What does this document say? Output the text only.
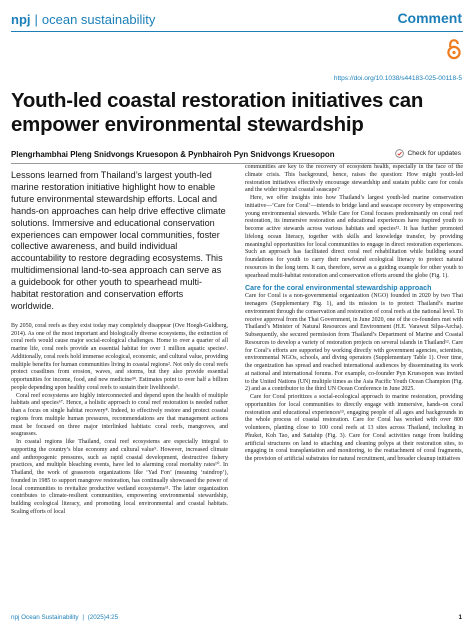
npj | ocean sustainability	Comment
https://doi.org/10.1038/s44183-025-00118-5
Youth-led coastal restoration initiatives can empower environmental stewardship
Plengrhambhai Pleng Snidvongs Kruesopon & Pynbhairoh Pyn Snidvongs Kruesopon	Check for updates

Lessons learned from Thailand’s largest youth-led marine restoration initiative highlight how to enable future environmental stewardship efforts. Local and hands-on approaches can help drive effective climate solutions. Immersive and educational conservation experiences can empower local communities, foster collective awareness, and build individual accountability to restore degrading ecosystems. This multidimensional land-to-sea approach can serve as a guidebook for other youth to spearhead multi-habitat restoration and conservation efforts worldwide.

By 2050, coral reefs as they exist today may completely disappear (Ove Hoegh-Guldberg, 2014). As one of the most important and biologically diverse ecosystems, the extinction of coral reefs would cause major social-ecological challenges. Home to over a quarter of all marine life, coral reefs provide an essential habitat for over 1 million aquatic species¹. Additionally, coral reefs hold immense ecological, economic, and cultural value, providing multiple benefits for human communities living in coastal regions². Not only do coral reefs protect coastlines from erosion, waves, and storms, but they also provide essential opportunities for income, food, and new medicine³⁴. Estimates point to over half a billion people depending upon healthy coral reefs to sustain their livelihoods⁵.

Coral reef ecosystems are highly interconnected and depend upon the health of multiple habitats and species⁶⁷. Hence, a holistic approach to coral reef restoration is needed rather than a focus on single habitat recovery⁸. Indeed, to effectively restore and protect coastal regions from multiple human pressures, recommendations are that management actions must be focused on three major interlinked habitats: coral reefs, mangroves, and seagrasses.

In coastal regions like Thailand, coral reef ecosystems are especially integral to supporting the country’s blue economy and cultural value⁹. However, increased climate and anthropogenic pressures, such as rapid coastal development, destructive fishery practices, and multiple bleaching events, have led to alarming coral mortality rates¹⁰. In Thailand, the work of grassroots organizations like ‘Yad Fon’ (meaning ‘raindrop’), founded in 1985 to support mangrove restoration, has continually showcased the power of local communities to revitalize productive wetland ecosystems¹¹. The latter organization contributes to climate-resilient communities, empowering environmental stewardship, building ecological literacy, and promoting local environmental and coastal habitats. Scaling efforts of local

communities are key to the recovery of ecosystem health, especially in the face of the climate crisis. This background, hence, raises the question: How might youth-led restoration initiatives effectively encourage stewardship and sustain public care for corals and the wider tropical coastal seascape?

Here, we offer insights into how Thailand’s largest youth-led marine conservation initiative—‘Care for Coral’—intends to bridge land and seascape recovery by empowering young environmental stewards. While Care for Coral focuses predominantly on coral reef restoration, its immersive restoration and educational experiences have inspired youth to become active stewards across various habitats and species¹². It has further promoted lifelong ocean literacy, together with skills and knowledge transfer, by providing meaningful opportunities for local communities to engage in direct restoration experiences. Such an approach has facilitated direct coral reef rehabilitation while building sound foundations for youth to carry their newfound ecological literacy to protect natural resources in the long term. It can, therefore, serve as a guiding example for other youth to spearhead multi-habitat restoration and conservation efforts around the globe (Fig. 1).

Care for the coral environmental stewardship approach

Care for Coral is a non-governmental organization (NGO) founded in 2020 by two Thai teenagers (Supplementary Fig. 1), and its mission is to protect Thailand’s marine environment through the conservation and restoration of coral reefs at the national level. To receive approval from the Thai Government, in June 2020, one of the co-founders met with Thailand’s Minister of Natural Resources and Environment (H.E. Varawut Silpa-Archa). Subsequently, she secured permission from Thailand’s Department of Marine and Coastal Resources to develop a variety of restoration projects on several islands in Thailand¹². Care for Coral’s efforts are supported by working directly with government agencies, scientists, environmental NGOs, schools, and diving operators (Supplementary Table 1). Over time, the organization has spread and reached international audiences by disseminating its work at national and international forums. For example, co-founder Pyn Kruesopon was invited to the United Nations (UN) multiple times as the Asia Pacific Youth Ocean Champion (Fig. 2) and as a contributor to the third UN Ocean Conference in June 2025.

Care for Coral prioritizes a social-ecological approach to marine restoration, providing opportunities for local communities to directly engage with immersive, hands-on coral restoration and educational experiences¹³, engaging people of all ages and backgrounds in the whole process of coastal restoration. Care for Coral has worked with over 800 volunteers, planting close to 100 coral reefs at 13 sites across Thailand, including in Phuket, Koh Tao, and Sattahip (Fig. 3). Care for Coral activities range from building artificial structures on land to attaching and cleaning polyps at their restoration sites, to engaging in coral transplantation and monitoring, to the reattachment of coral fragments, the provision of artificial substrates for natural recruitment, and broader cleanup initiatives

npj Ocean Sustainability | (2025)4:25	1
